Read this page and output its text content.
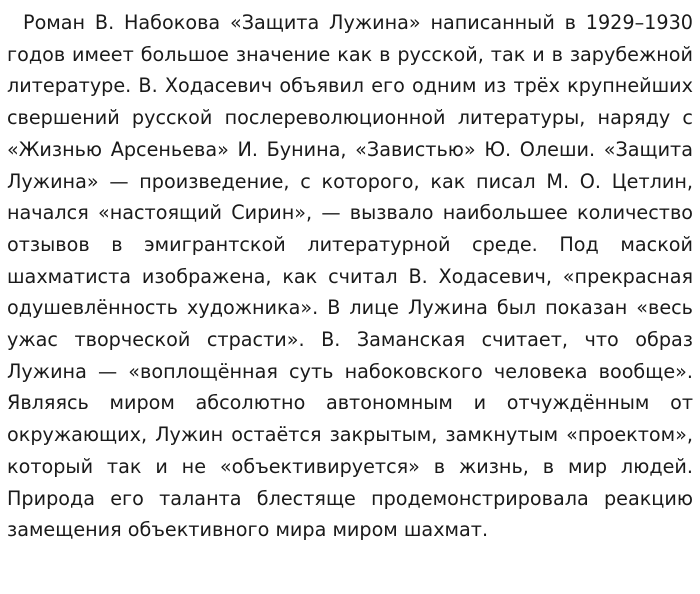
Роман В. Набокова «Защита Лужина» написанный в 1929–1930 годов имеет большое значение как в русской, так и в зарубежной литературе. В. Ходасевич объявил его одним из трёх крупнейших свершений русской послереволюционной литературы, наряду с «Жизнью Арсеньева» И. Бунина, «Завистью» Ю. Олеши. «Защита Лужина» — произведение, с которого, как писал М. О. Цетлин, начался «настоящий Сирин», — вызвало наибольшее количество отзывов в эмигрантской литературной среде. Под маской шахматиста изображена, как считал В. Ходасевич, «прекрасная одушевлённость художника». В лице Лужина был показан «весь ужас творческой страсти». В. Заманская считает, что образ Лужина — «воплощённая суть набоковского человека вообще». Являясь миром абсолютно автономным и отчуждённым от окружающих, Лужин остаётся закрытым, замкнутым «проектом», который так и не «объективируется» в жизнь, в мир людей. Природа его таланта блестяще продемонстрировала реакцию замещения объективного мира миром шахмат.
